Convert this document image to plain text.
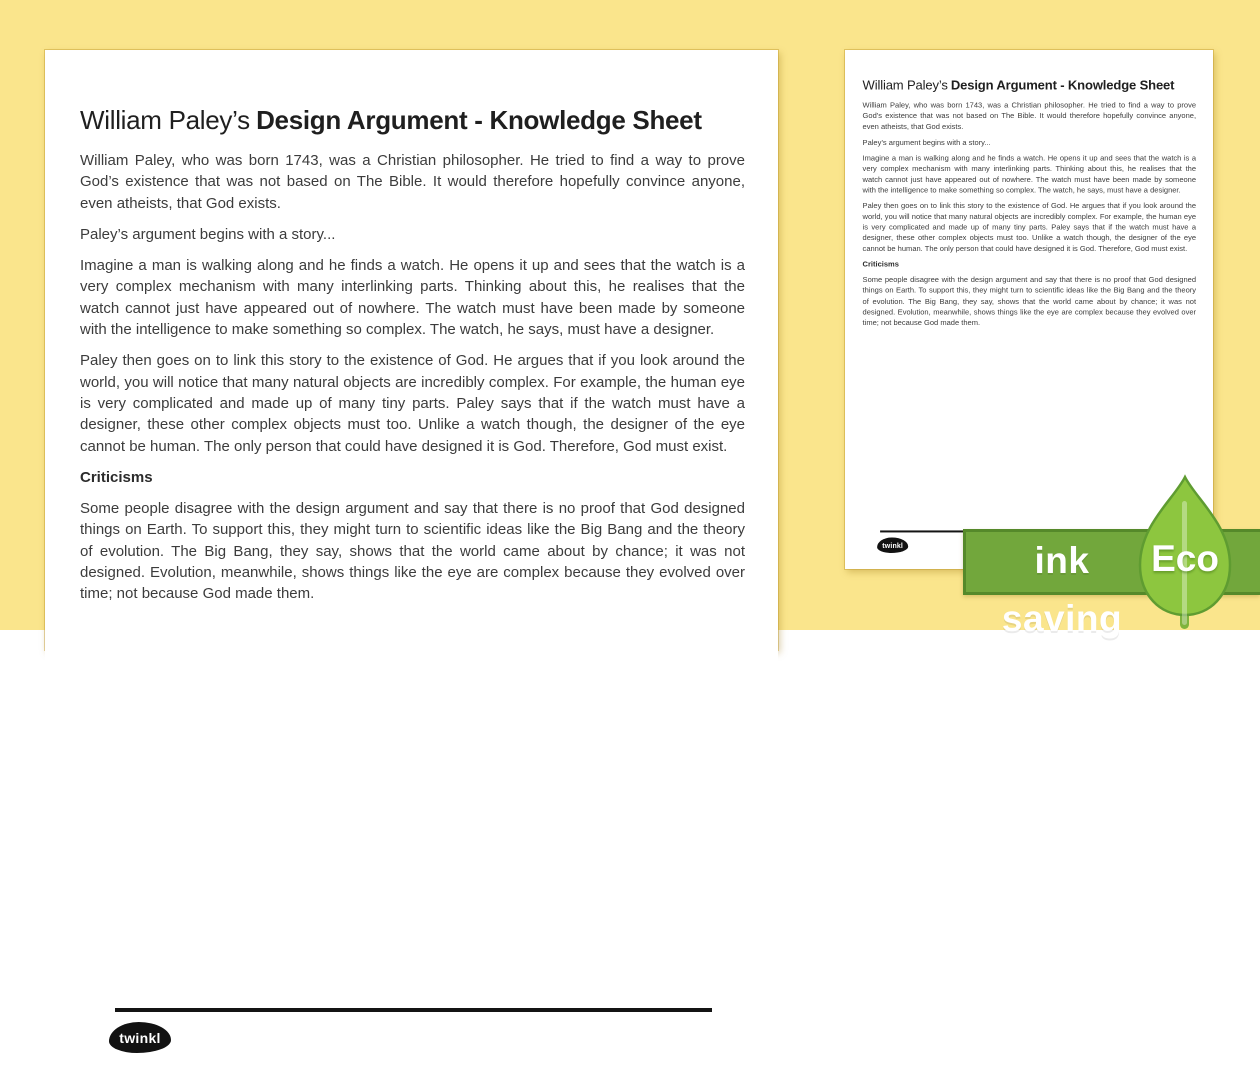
William Paley’s Design Argument - Knowledge Sheet

William Paley, who was born 1743, was a Christian philosopher. He tried to find a way to prove God’s existence that was not based on The Bible. It would therefore hopefully convince anyone, even atheists, that God exists.

Paley’s argument begins with a story...

Imagine a man is walking along and he finds a watch. He opens it up and sees that the watch is a very complex mechanism with many interlinking parts. Thinking about this, he realises that the watch cannot just have appeared out of nowhere. The watch must have been made by someone with the intelligence to make something so complex. The watch, he says, must have a designer.

Paley then goes on to link this story to the existence of God. He argues that if you look around the world, you will notice that many natural objects are incredibly complex. For example, the human eye is very complicated and made up of many tiny parts. Paley says that if the watch must have a designer, these other complex objects must too. Unlike a watch though, the designer of the eye cannot be human. The only person that could have designed it is God. Therefore, God must exist.

Criticisms

Some people disagree with the design argument and say that there is no proof that God designed things on Earth. To support this, they might turn to scientific ideas like the Big Bang and the theory of evolution. The Big Bang, they say, shows that the world came about by chance; it was not designed. Evolution, meanwhile, shows things like the eye are complex because they evolved over time; not because God made them.

twinkl
William Paley’s Design Argument - Knowledge Sheet

William Paley, who was born 1743, was a Christian philosopher. He tried to find a way to prove God’s existence that was not based on The Bible. It would therefore hopefully convince anyone, even atheists, that God exists.

Paley’s argument begins with a story...

Imagine a man is walking along and he finds a watch. He opens it up and sees that the watch is a very complex mechanism with many interlinking parts. Thinking about this, he realises that the watch cannot just have appeared out of nowhere. The watch must have been made by someone with the intelligence to make something so complex. The watch, he says, must have a designer.

Paley then goes on to link this story to the existence of God. He argues that if you look around the world, you will notice that many natural objects are incredibly complex. For example, the human eye is very complicated and made up of many tiny parts. Paley says that if the watch must have a designer, these other complex objects must too. Unlike a watch though, the designer of the eye cannot be human. The only person that could have designed it is God. Therefore, God must exist.

Criticisms

Some people disagree with the design argument and say that there is no proof that God designed things on Earth. To support this, they might turn to scientific ideas like the Big Bang and the theory of evolution. The Big Bang, they say, shows that the world came about by chance; it was not designed. Evolution, meanwhile, shows things like the eye are complex because they evolved over time; not because God made them.

twinkl	ink saving
Eco
